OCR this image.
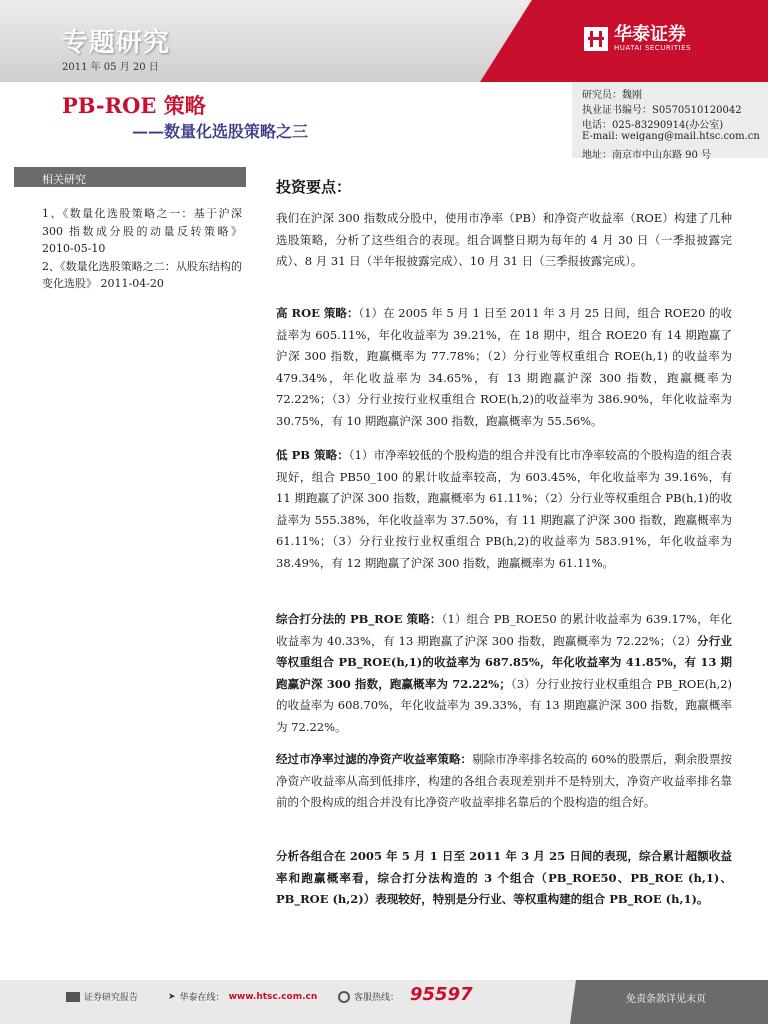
专题研究
2011 年 05 月 20 日
华泰证券
HUATAI SECURITIES
PB-ROE 策略
——数量化选股策略之三
研究员：魏刚
执业证书编号：S0570510120042
电话：025-83290914(办公室)
E-mail: weigang@mail.htsc.com.cn
地址：南京市中山东路 90 号
相关研究
1、《数量化选股策略之一：基于沪深 300 指数成分股的动量反转策略》 2010-05-10
2、《数量化选股策略之二：从股东结构的变化选股》 2011-04-20
投资要点：
我们在沪深 300 指数成分股中，使用市净率（PB）和净资产收益率（ROE）构建了几种选股策略，分析了这些组合的表现。组合调整日期为每年的 4 月 30 日（一季报披露完成）、8 月 31 日（半年报披露完成）、10 月 31 日（三季报披露完成）。
高 ROE 策略：（1）在 2005 年 5 月 1 日至 2011 年 3 月 25 日间，组合 ROE20 的收益率为 605.11%，年化收益率为 39.21%，在 18 期中，组合 ROE20 有 14 期跑赢了沪深 300 指数，跑赢概率为 77.78%；（2）分行业等权重组合 ROE(h,1) 的收益率为 479.34%，年化收益率为 34.65%，有 13 期跑赢沪深 300 指数，跑赢概率为 72.22%；（3）分行业按行业权重组合 ROE(h,2)的收益率为 386.90%，年化收益率为 30.75%，有 10 期跑赢沪深 300 指数，跑赢概率为 55.56%。
低 PB 策略：（1）市净率较低的个股构造的组合并没有比市净率较高的个股构造的组合表现好，组合 PB50_100 的累计收益率较高，为 603.45%，年化收益率为 39.16%，有 11 期跑赢了沪深 300 指数，跑赢概率为 61.11%；（2）分行业等权重组合 PB(h,1)的收益率为 555.38%，年化收益率为 37.50%，有 11 期跑赢了沪深 300 指数，跑赢概率为 61.11%；（3）分行业按行业权重组合 PB(h,2)的收益率为 583.91%，年化收益率为 38.49%，有 12 期跑赢了沪深 300 指数，跑赢概率为 61.11%。
综合打分法的 PB_ROE 策略：（1）组合 PB_ROE50 的累计收益率为 639.17%，年化收益率为 40.33%，有 13 期跑赢了沪深 300 指数，跑赢概率为 72.22%；（2）分行业等权重组合 PB_ROE(h,1)的收益率为 687.85%，年化收益率为 41.85%，有 13 期跑赢沪深 300 指数，跑赢概率为 72.22%；（3）分行业按行业权重组合 PB_ROE(h,2)的收益率为 608.70%，年化收益率为 39.33%，有 13 期跑赢沪深 300 指数，跑赢概率为 72.22%。
经过市净率过滤的净资产收益率策略：剔除市净率排名较高的 60%的股票后，剩余股票按净资产收益率从高到低排序，构建的各组合表现差别并不是特别大，净资产收益率排名靠前的个股构成的组合并没有比净资产收益率排名靠后的个股构造的组合好。
分析各组合在 2005 年 5 月 1 日至 2011 年 3 月 25 日间的表现，综合累计超额收益率和跑赢概率看，综合打分法构造的 3 个组合（PB_ROE50、PB_ROE (h,1)、PB_ROE (h,2)）表现较好，特别是分行业、等权重构建的组合 PB_ROE (h,1)。
证券研究报告	➤ 华泰在线： www.htsc.com.cn	客服热线： 95597	免责条款详见末页
